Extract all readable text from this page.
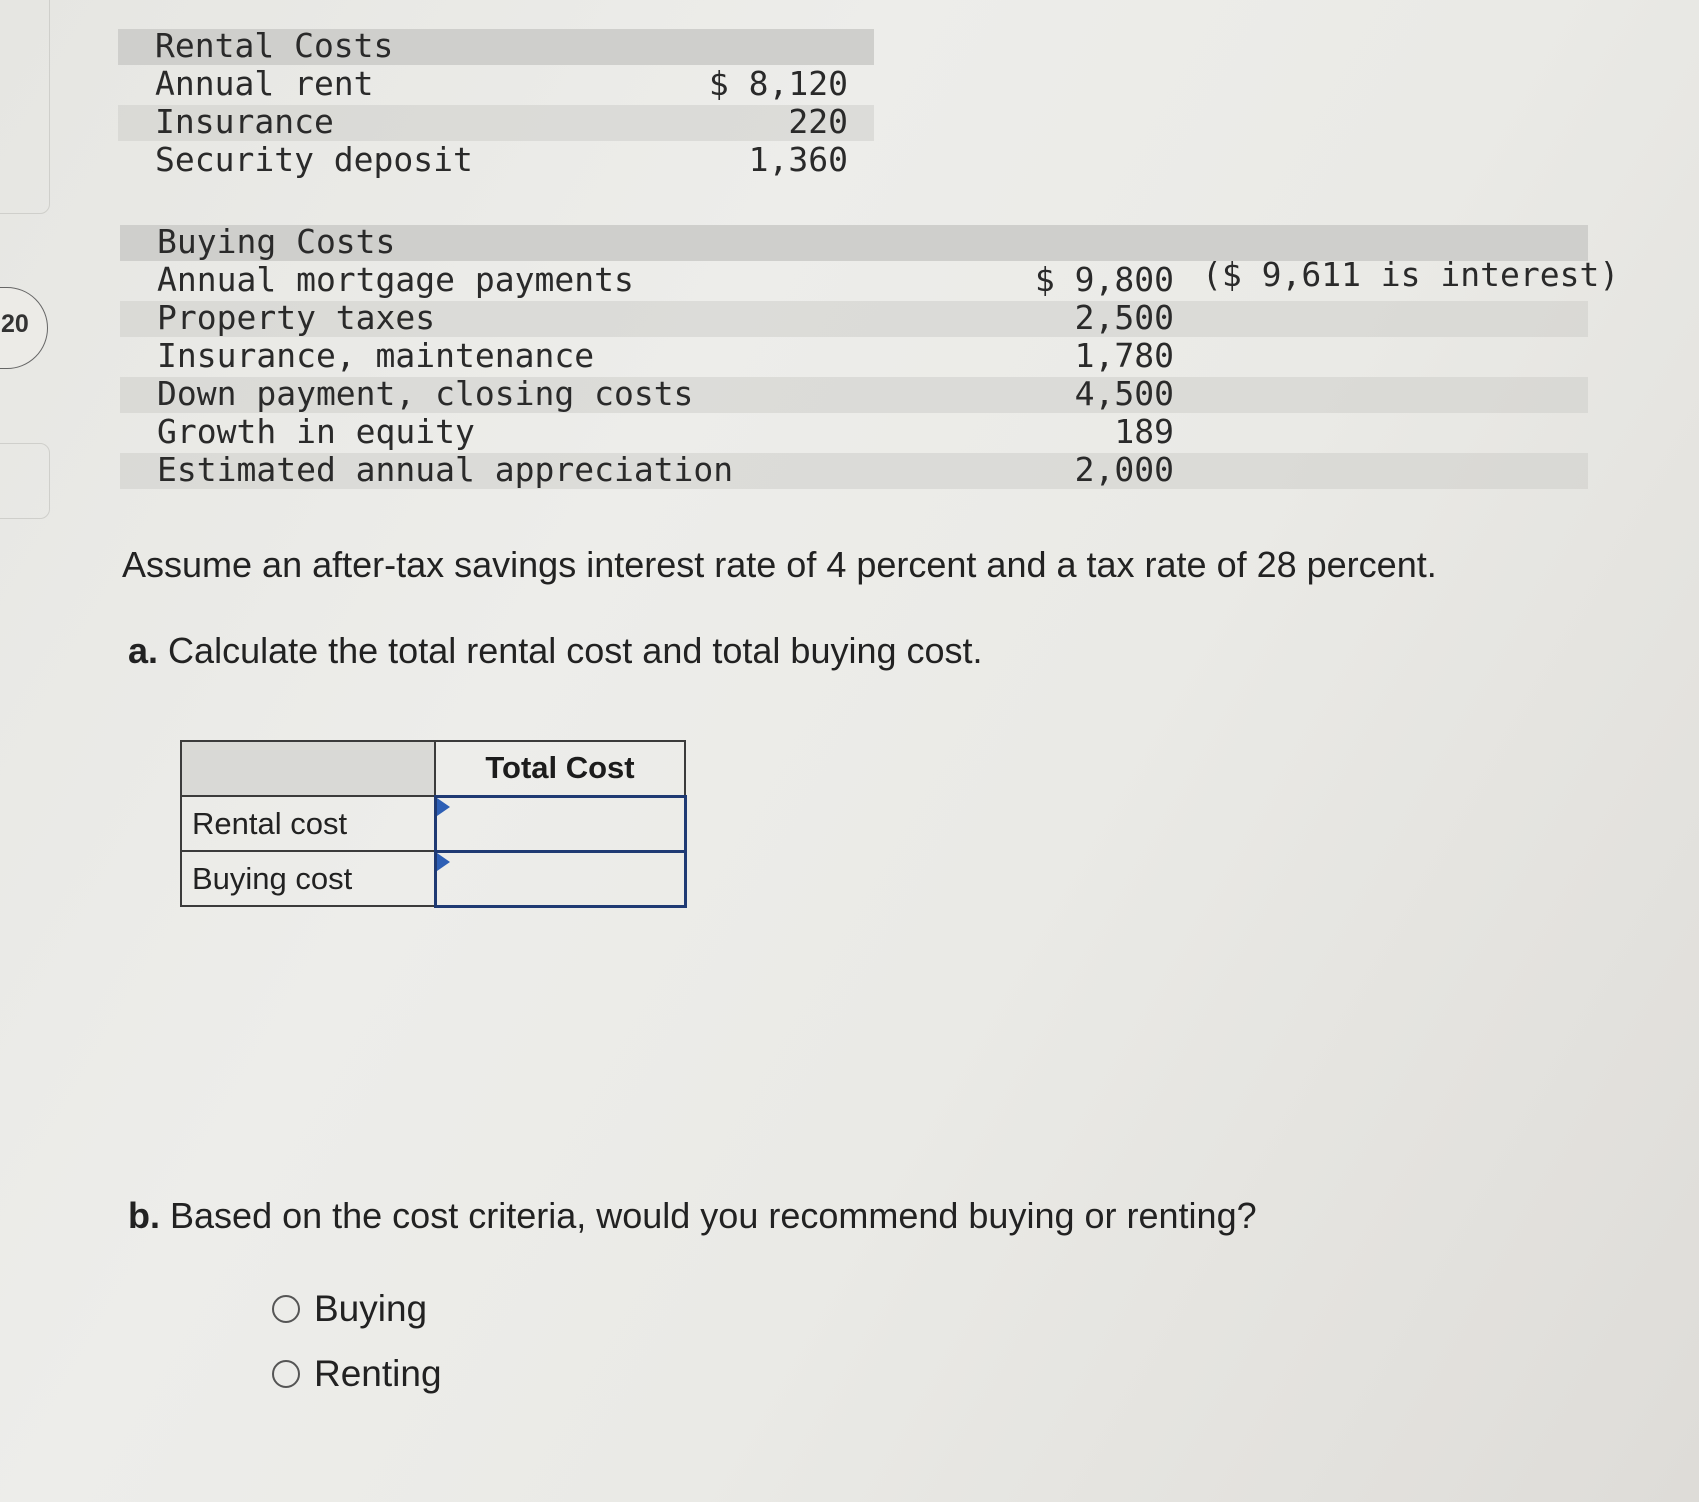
20
Rental Costs
Annual rent	$ 8,120
Insurance	220
Security deposit	1,360
Buying Costs
Annual mortgage payments	$ 9,800 ($ 9,611 is interest)
Property taxes	2,500
Insurance, maintenance	1,780
Down payment, closing costs	4,500
Growth in equity	189
Estimated annual appreciation	2,000
Assume an after-tax savings interest rate of 4 percent and a tax rate of 28 percent.
a. Calculate the total rental cost and total buying cost.
	Total Cost
Rental cost	

Buying cost	
b. Based on the cost criteria, would you recommend buying or renting?
Buying
Renting
